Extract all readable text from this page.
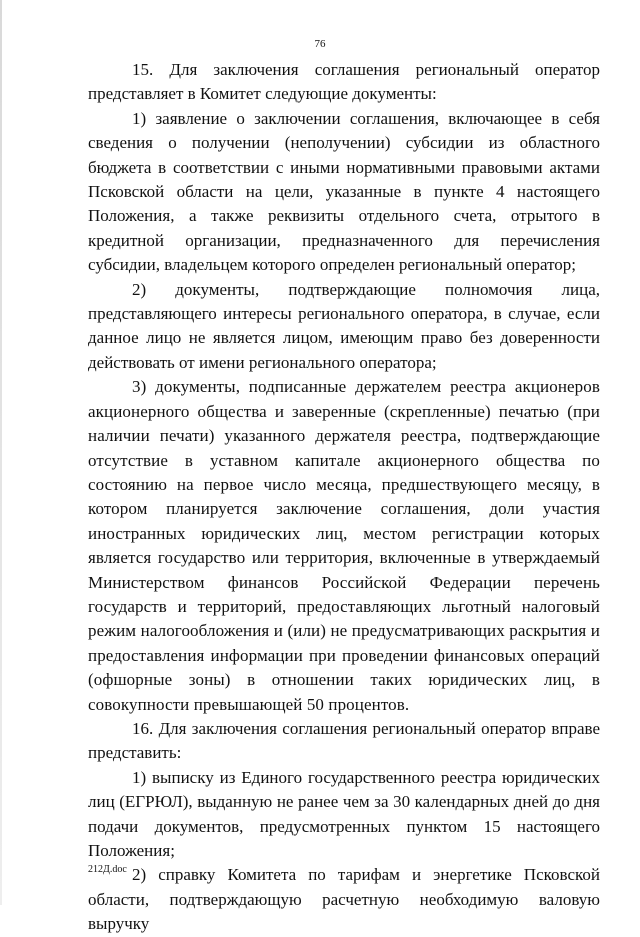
76

15. Для заключения соглашения региональный оператор представляет в Комитет следующие документы:

1) заявление о заключении соглашения, включающее в себя сведения о получении (неполучении) субсидии из областного бюджета в соответствии с иными нормативными правовыми актами Псковской области на цели, указанные в пункте 4 настоящего Положения, а также реквизиты отдельного счета, отрытого в кредитной организации, предназначенного для перечисления субсидии, владельцем которого определен региональный оператор;

2) документы, подтверждающие полномочия лица, представляющего интересы регионального оператора, в случае, если данное лицо не является лицом, имеющим право без доверенности действовать от имени регионального оператора;

3) документы, подписанные держателем реестра акционеров акционерного общества и заверенные (скрепленные) печатью (при наличии печати) указанного держателя реестра, подтверждающие отсутствие в уставном капитале акционерного общества по состоянию на первое число месяца, предшествующего месяцу, в котором планируется заключение соглашения, доли участия иностранных юридических лиц, местом регистрации которых является государство или территория, включенные в утверждаемый Министерством финансов Российской Федерации перечень государств и территорий, предоставляющих льготный налоговый режим налогообложения и (или) не предусматривающих раскрытия и предоставления информации при проведении финансовых операций (офшорные зоны) в отношении таких юридических лиц, в совокупности превышающей 50 процентов.

16. Для заключения соглашения региональный оператор вправе представить:

1) выписку из Единого государственного реестра юридических лиц (ЕГРЮЛ), выданную не ранее чем за 30 календарных дней до дня подачи документов, предусмотренных пунктом 15 настоящего Положения;

2) справку Комитета по тарифам и энергетике Псковской области, подтверждающую расчетную необходимую валовую выручку

212Д.doc
